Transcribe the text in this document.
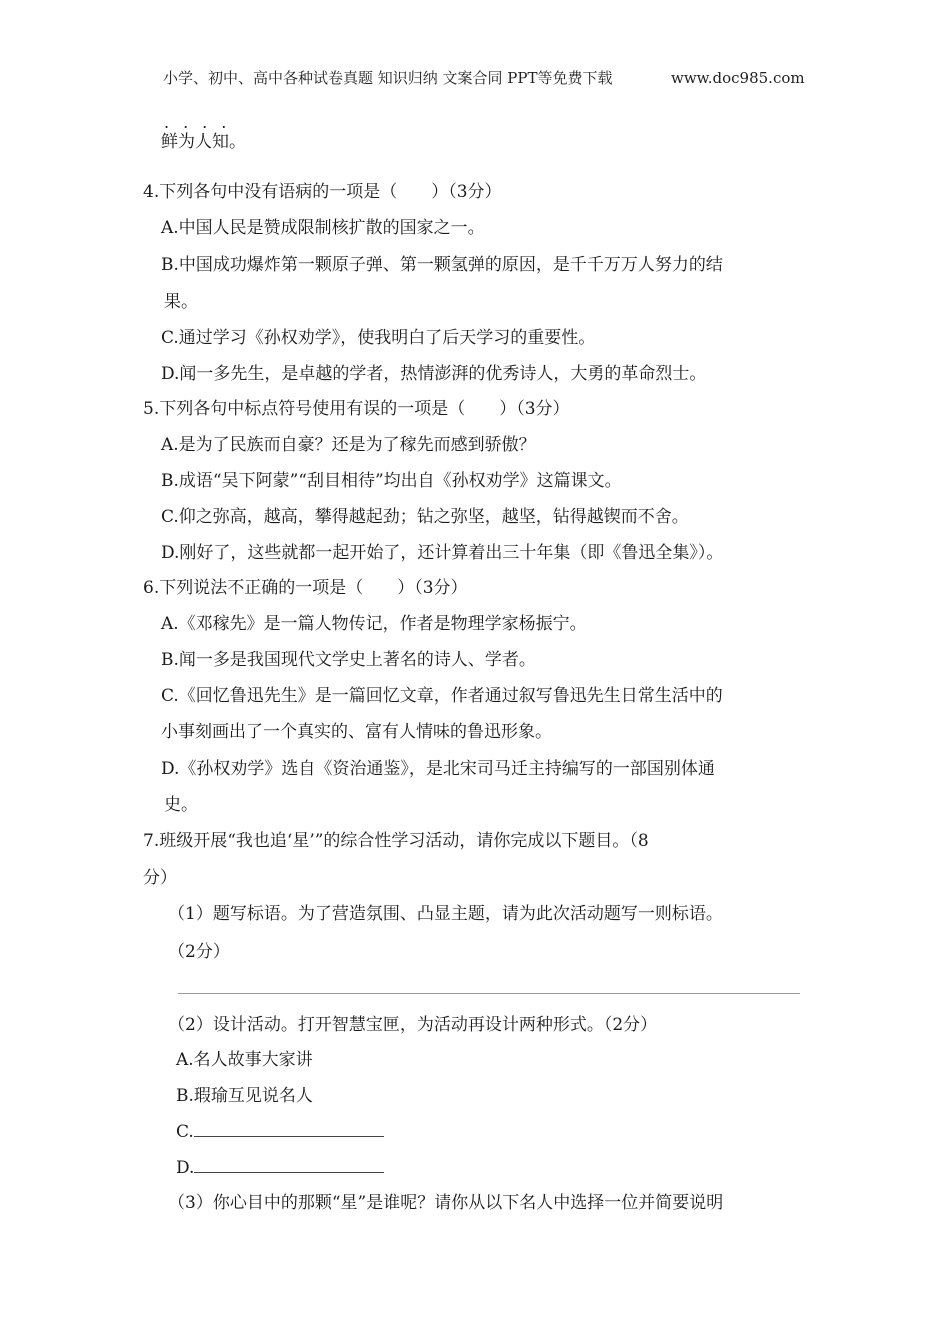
小学、初中、高中各种试卷真题 知识归纳 文案合同 PPT等免费下载	www.doc985.com
....
鲜为人知。
4.下列各句中没有语病的一项是（　　）（3分）
A.中国人民是赞成限制核扩散的国家之一。
B.中国成功爆炸第一颗原子弹、第一颗氢弹的原因，是千千万万人努力的结
果。
C.通过学习《孙权劝学》，使我明白了后天学习的重要性。
D.闻一多先生，是卓越的学者，热情澎湃的优秀诗人，大勇的革命烈士。
5.下列各句中标点符号使用有误的一项是（　　）（3分）
A.是为了民族而自豪？还是为了稼先而感到骄傲？
B.成语“吴下阿蒙”“刮目相待”均出自《孙权劝学》这篇课文。
C.仰之弥高，越高，攀得越起劲；钻之弥坚，越坚，钻得越锲而不舍。
D.刚好了，这些就都一起开始了，还计算着出三十年集（即《鲁迅全集》）。
6.下列说法不正确的一项是（　　）（3分）
A.《邓稼先》是一篇人物传记，作者是物理学家杨振宁。
B.闻一多是我国现代文学史上著名的诗人、学者。
C.《回忆鲁迅先生》是一篇回忆文章，作者通过叙写鲁迅先生日常生活中的
小事刻画出了一个真实的、富有人情味的鲁迅形象。
D.《孙权劝学》选自《资治通鉴》，是北宋司马迁主持编写的一部国别体通
史。
7.班级开展“我也追‘星’”的综合性学习活动，请你完成以下题目。（8
分）
（1）题写标语。为了营造氛围、凸显主题，请为此次活动题写一则标语。
（2分）
（2）设计活动。打开智慧宝匣，为活动再设计两种形式。（2分）
A.名人故事大家讲
B.瑕瑜互见说名人
C.
D.
（3）你心目中的那颗“星”是谁呢？请你从以下名人中选择一位并简要说明
